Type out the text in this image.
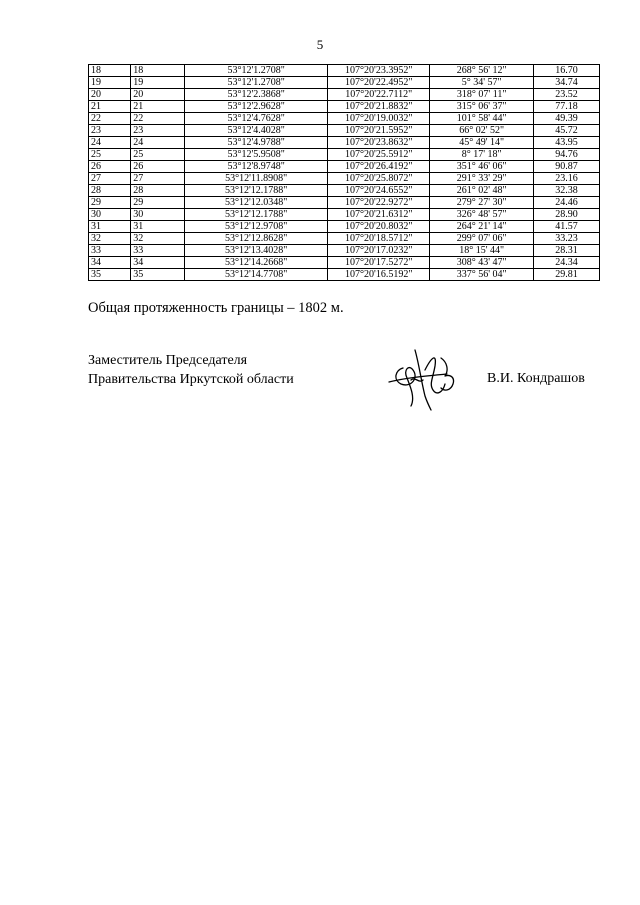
5
18	18	53°12'1.2708"	107°20'23.3952"	268° 56' 12"	16.70
19	19	53°12'1.2708"	107°20'22.4952"	5° 34' 57"	34.74
20	20	53°12'2.3868"	107°20'22.7112"	318° 07' 11"	23.52
21	21	53°12'2.9628"	107°20'21.8832"	315° 06' 37"	77.18
22	22	53°12'4.7628"	107°20'19.0032"	101° 58' 44"	49.39
23	23	53°12'4.4028"	107°20'21.5952"	66° 02' 52"	45.72
24	24	53°12'4.9788"	107°20'23.8632"	45° 49' 14"	43.95
25	25	53°12'5.9508"	107°20'25.5912"	8° 17' 18"	94.76
26	26	53°12'8.9748"	107°20'26.4192"	351° 46' 06"	90.87
27	27	53°12'11.8908"	107°20'25.8072"	291° 33' 29"	23.16
28	28	53°12'12.1788"	107°20'24.6552"	261° 02' 48"	32.38
29	29	53°12'12.0348"	107°20'22.9272"	279° 27' 30"	24.46
30	30	53°12'12.1788"	107°20'21.6312"	326° 48' 57"	28.90
31	31	53°12'12.9708"	107°20'20.8032"	264° 21' 14"	41.57
32	32	53°12'12.8628"	107°20'18.5712"	299° 07' 06"	33.23
33	33	53°12'13.4028"	107°20'17.0232"	18° 15' 44"	28.31
34	34	53°12'14.2668"	107°20'17.5272"	308° 43' 47"	24.34
35	35	53°12'14.7708"	107°20'16.5192"	337° 56' 04"	29.81
Общая протяженность границы – 1802 м.
Заместитель Председателя
Правительства Иркутской области	В.И. Кондрашов
